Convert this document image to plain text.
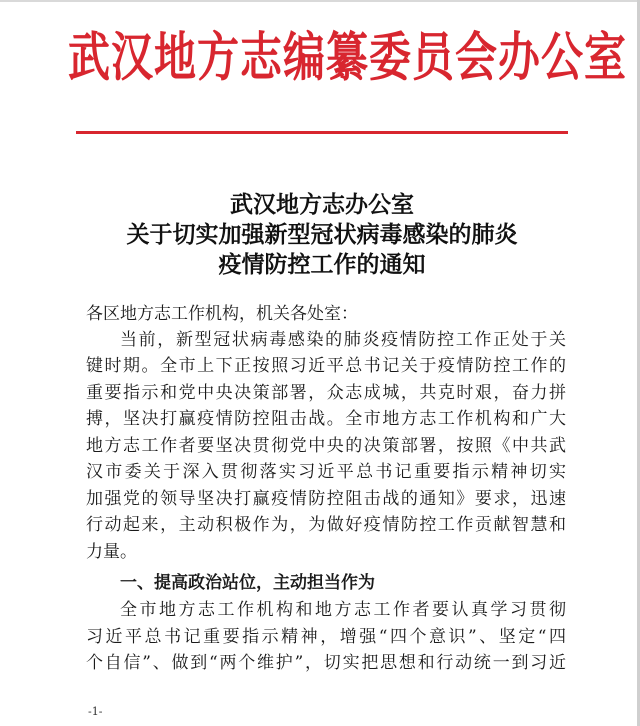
武汉地方志编纂委员会办公室
武汉地方志办公室
关于切实加强新型冠状病毒感染的肺炎
疫情防控工作的通知
各区地方志工作机构，机关各处室：
当前，新型冠状病毒感染的肺炎疫情防控工作正处于关
键时期。全市上下正按照习近平总书记关于疫情防控工作的
重要指示和党中央决策部署，众志成城，共克时艰，奋力拼
搏，坚决打赢疫情防控阻击战。全市地方志工作机构和广大
地方志工作者要坚决贯彻党中央的决策部署，按照《中共武
汉市委关于深入贯彻落实习近平总书记重要指示精神切实
加强党的领导坚决打赢疫情防控阻击战的通知》要求，迅速
行动起来，主动积极作为，为做好疫情防控工作贡献智慧和
力量。
一、提高政治站位，主动担当作为
全市地方志工作机构和地方志工作者要认真学习贯彻
习近平总书记重要指示精神，增强“四个意识”、坚定“四
个自信”、做到“两个维护”，切实把思想和行动统一到习近
-1-
